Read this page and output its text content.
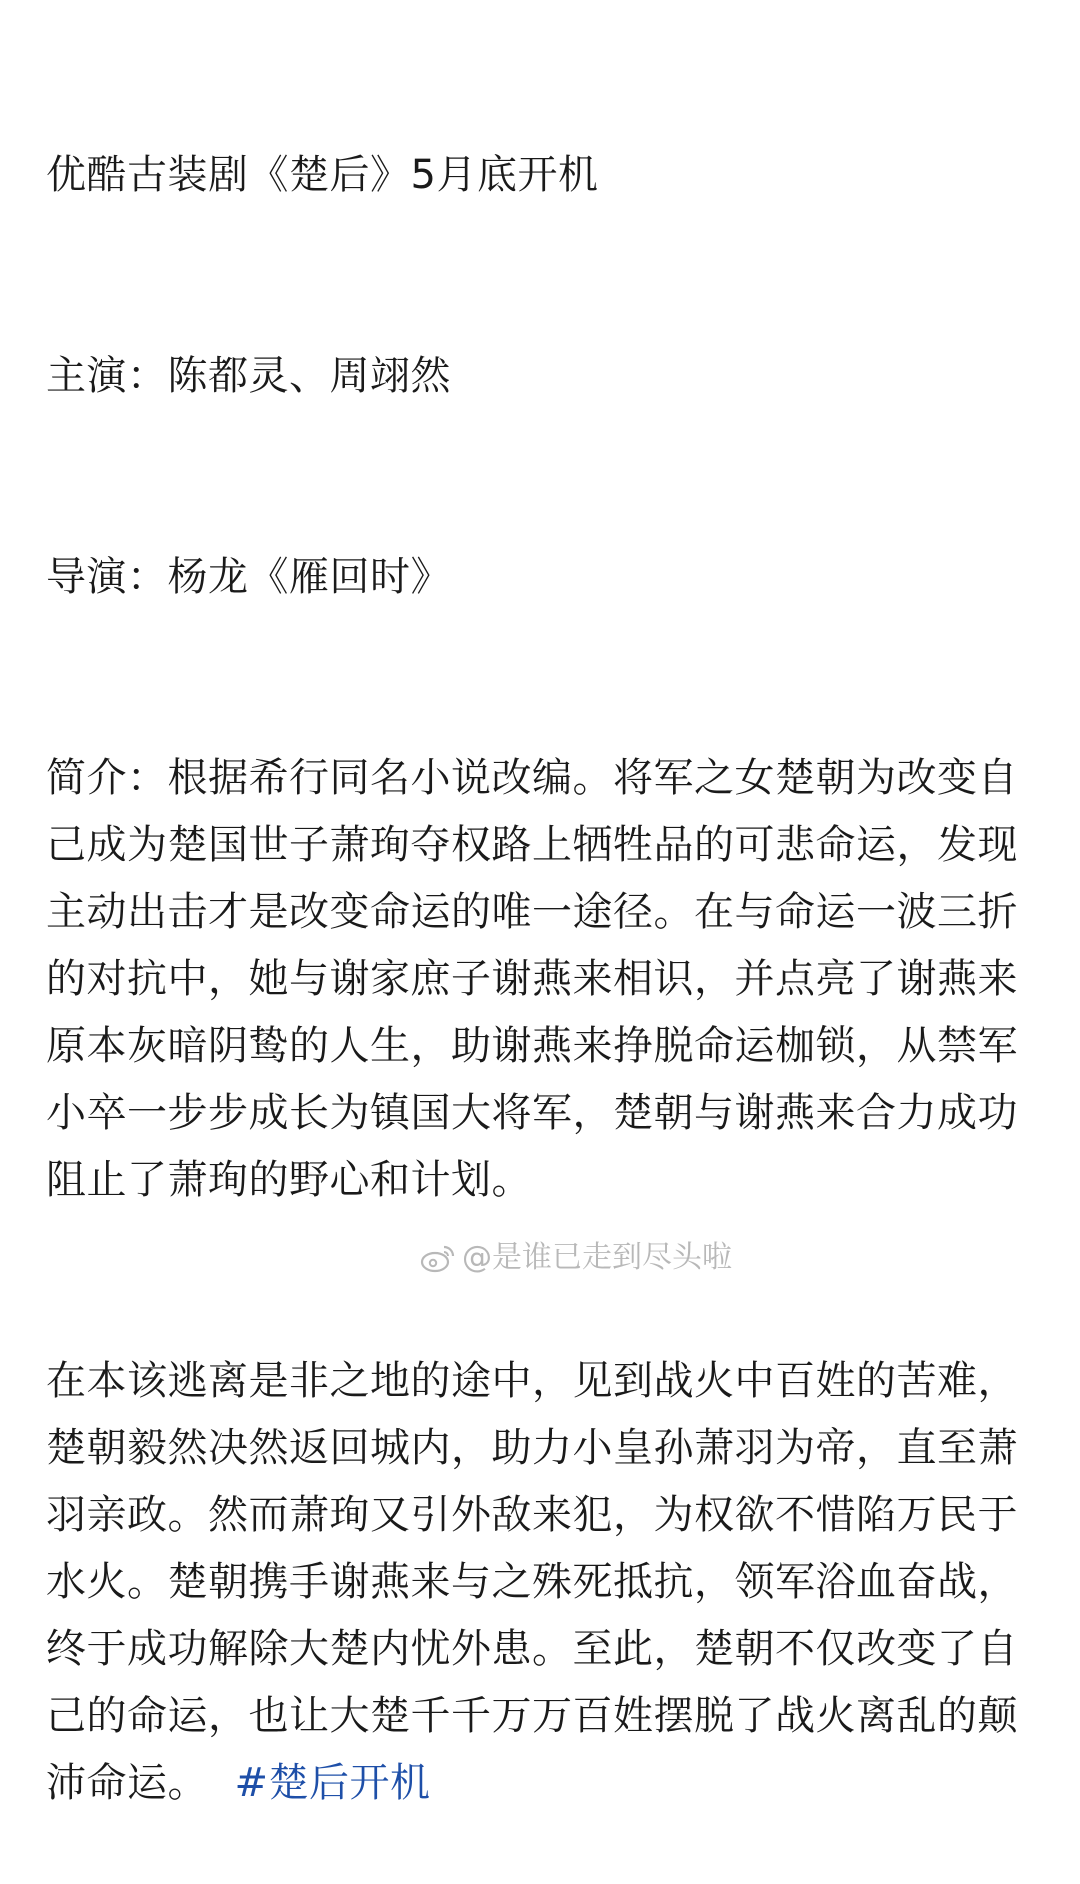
优酷古装剧《楚后》5月底开机

主演：陈都灵、周翊然

导演：杨龙《雁回时》

简介：根据希行同名小说改编。将军之女楚朝为改变自己成为楚国世子萧珣夺权路上牺牲品的可悲命运，发现主动出击才是改变命运的唯一途径。在与命运一波三折的对抗中，她与谢家庶子谢燕来相识，并点亮了谢燕来原本灰暗阴鸷的人生，助谢燕来挣脱命运枷锁，从禁军小卒一步步成长为镇国大将军，楚朝与谢燕来合力成功阻止了萧珣的野心和计划。

在本该逃离是非之地的途中，见到战火中百姓的苦难，楚朝毅然决然返回城内，助力小皇孙萧羽为帝，直至萧羽亲政。然而萧珣又引外敌来犯，为权欲不惜陷万民于水火。楚朝携手谢燕来与之殊死抵抗，领军浴血奋战，终于成功解除大楚内忧外患。至此，楚朝不仅改变了自己的命运，也让大楚千千万万百姓摆脱了战火离乱的颠沛命运。 #楚后开机

@是谁已走到尽头啦
